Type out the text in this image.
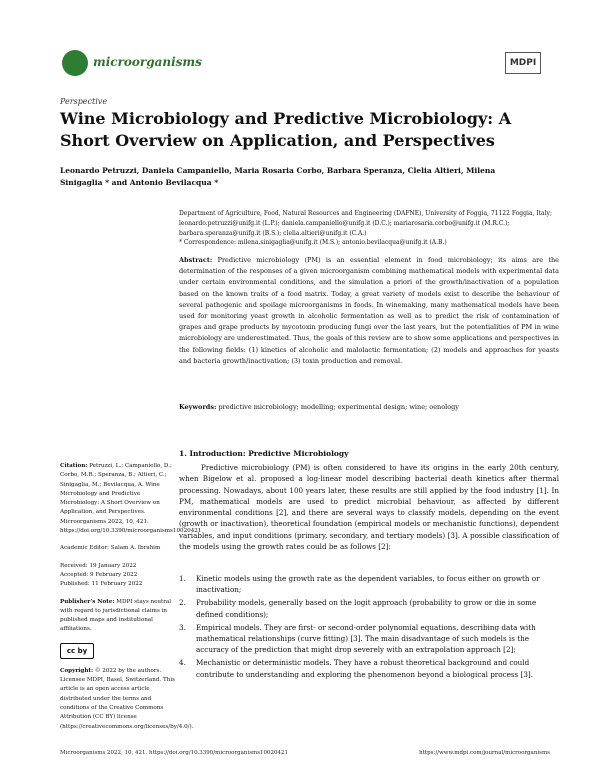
microorganisms	MDPI
Perspective
Wine Microbiology and Predictive Microbiology: A Short Overview on Application, and Perspectives
Leonardo Petruzzi, Daniela Campaniello, Maria Rosaria Corbo, Barbara Speranza, Clelia Altieri, Milena Sinigaglia * and Antonio Bevilacqua *
Department of Agriculture, Food, Natural Resources and Engineering (DAFNE), University of Foggia, 71122 Foggia, Italy; leonardo.petruzzi@unifg.it (L.P.); daniela.campaniello@unifg.it (D.C.); mariarosaria.corbo@unifg.it (M.R.C.); barbara.speranza@unifg.it (B.S.); clelia.altieri@unifg.it (C.A.)
* Correspondence: milena.sinigaglia@unifg.it (M.S.); antonio.bevilacqua@unifg.it (A.B.)
Abstract: Predictive microbiology (PM) is an essential element in food microbiology; its aims are the determination of the responses of a given microorganism combining mathematical models with experimental data under certain environmental conditions, and the simulation a priori of the growth/inactivation of a population based on the known traits of a food matrix. Today, a great variety of models exist to describe the behaviour of several pathogenic and spoilage microorganisms in foods. In winemaking, many mathematical models have been used for monitoring yeast growth in alcoholic fermentation as well as to predict the risk of contamination of grapes and grape products by mycotoxin producing fungi over the last years, but the potentialities of PM in wine microbiology are underestimated. Thus, the goals of this review are to show some applications and perspectives in the following fields: (1) kinetics of alcoholic and malolactic fermentation; (2) models and approaches for yeasts and bacteria growth/inactivation; (3) toxin production and removal.
Keywords: predictive microbiology; modelling; experimental design; wine; oenology

Citation: Petruzzi, L.; Campaniello, D.; Corbo, M.R.; Speranza, B.; Altieri, C.; Sinigaglia, M.; Bevilacqua, A. Wine Microbiology and Predictive Microbiology: A Short Overview on Application, and Perspectives. Microorganisms 2022, 10, 421. https://doi.org/10.3390/microorganisms10020421

Academic Editor: Salam A. Ibrahim

Received: 19 January 2022
Accepted: 9 February 2022

Published: 11 February 2022

Publisher’s Note: MDPI stays neutral with regard to jurisdictional claims in published maps and institutional affiliations.

cc by

Copyright: © 2022 by the authors. Licensee MDPI, Basel, Switzerland. This article is an open access article distributed under the terms and conditions of the Creative Commons Attribution (CC BY) license (https://creativecommons.org/licenses/by/4.0/).

1. Introduction: Predictive Microbiology
Predictive microbiology (PM) is often considered to have its origins in the early 20th century, when Bigelow et al. proposed a log-linear model describing bacterial death kinetics after thermal processing. Nowadays, about 100 years later, these results are still applied by the food industry [1]. In PM, mathematical models are used to predict microbial behaviour, as affected by different environmental conditions [2], and there are several ways to classify models, depending on the event (growth or inactivation), theoretical foundation (empirical models or mechanistic functions), dependent variables, and input conditions (primary, secondary, and tertiary models) [3]. A possible classification of the models using the growth rates could be as follows [2]:
1.	Kinetic models using the growth rate as the dependent variables, to focus either on growth or inactivation;
2.	Probability models, generally based on the logit approach (probability to grow or die in some defined conditions);
3.	Empirical models. They are first- or second-order polynomial equations, describing data with mathematical relationships (curve fitting) [3]. The main disadvantage of such models is the accuracy of the prediction that might drop severely with an extrapolation approach [2];
4.	Mechanistic or deterministic models. They have a robust theoretical background and could contribute to understanding and exploring the phenomenon beyond a biological process [3].
Microorganisms 2022, 10, 421. https://doi.org/10.3390/microorganisms10020421	https://www.mdpi.com/journal/microorganisms
